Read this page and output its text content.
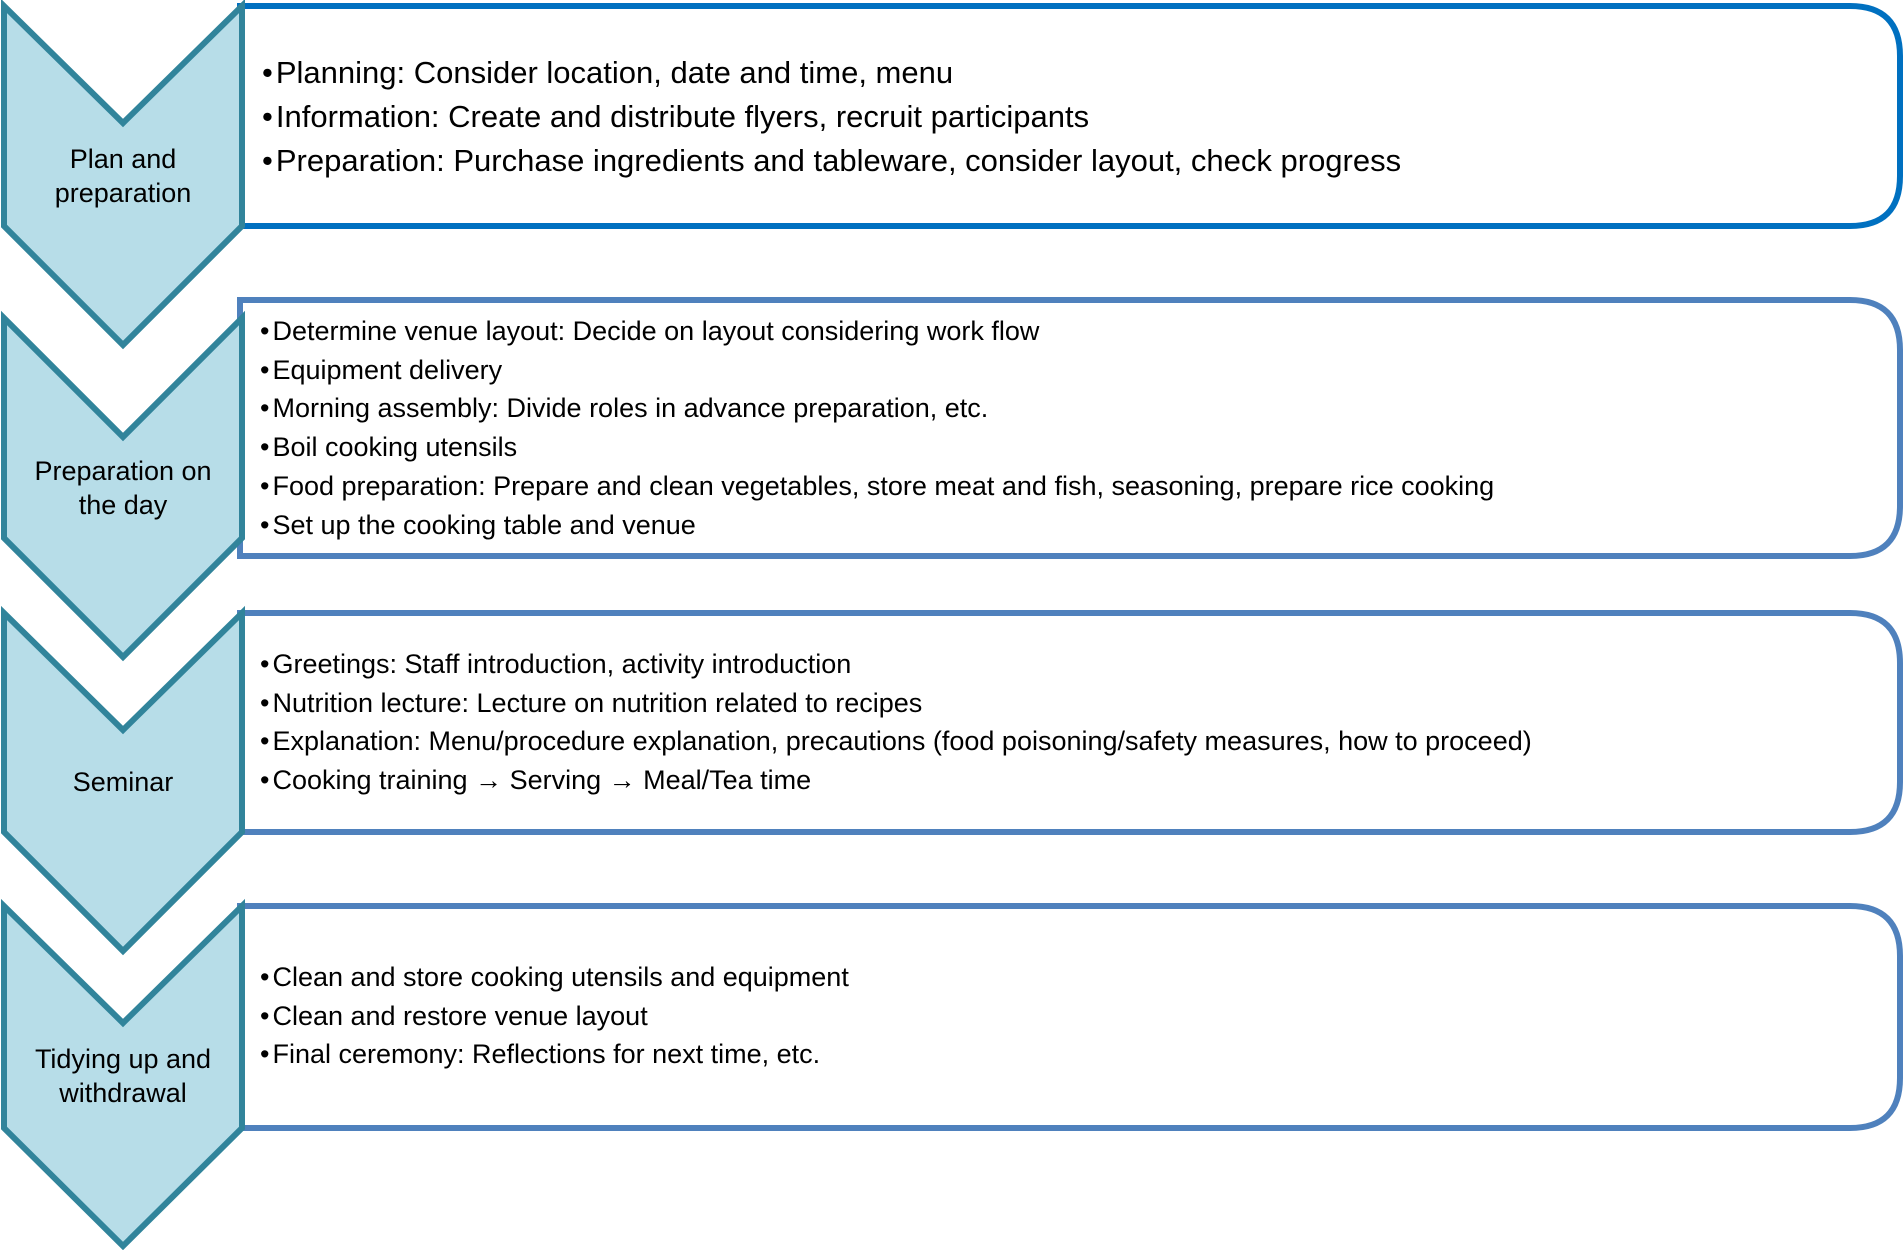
Plan and
preparation
Preparation on
the day
Seminar
Tidying up and
withdrawal
• Planning: Consider location, date and time, menu
• Information: Create and distribute flyers, recruit participants
• Preparation: Purchase ingredients and tableware, consider layout, check progress
• Determine venue layout: Decide on layout considering work flow
• Equipment delivery
• Morning assembly: Divide roles in advance preparation, etc.
• Boil cooking utensils
• Food preparation: Prepare and clean vegetables, store meat and fish, seasoning, prepare rice cooking
• Set up the cooking table and venue
• Greetings: Staff introduction, activity introduction
• Nutrition lecture: Lecture on nutrition related to recipes
• Explanation: Menu/procedure explanation, precautions (food poisoning/safety measures, how to proceed)
• Cooking training → Serving → Meal/Tea time
• Clean and store cooking utensils and equipment
• Clean and restore venue layout
• Final ceremony: Reflections for next time, etc.
